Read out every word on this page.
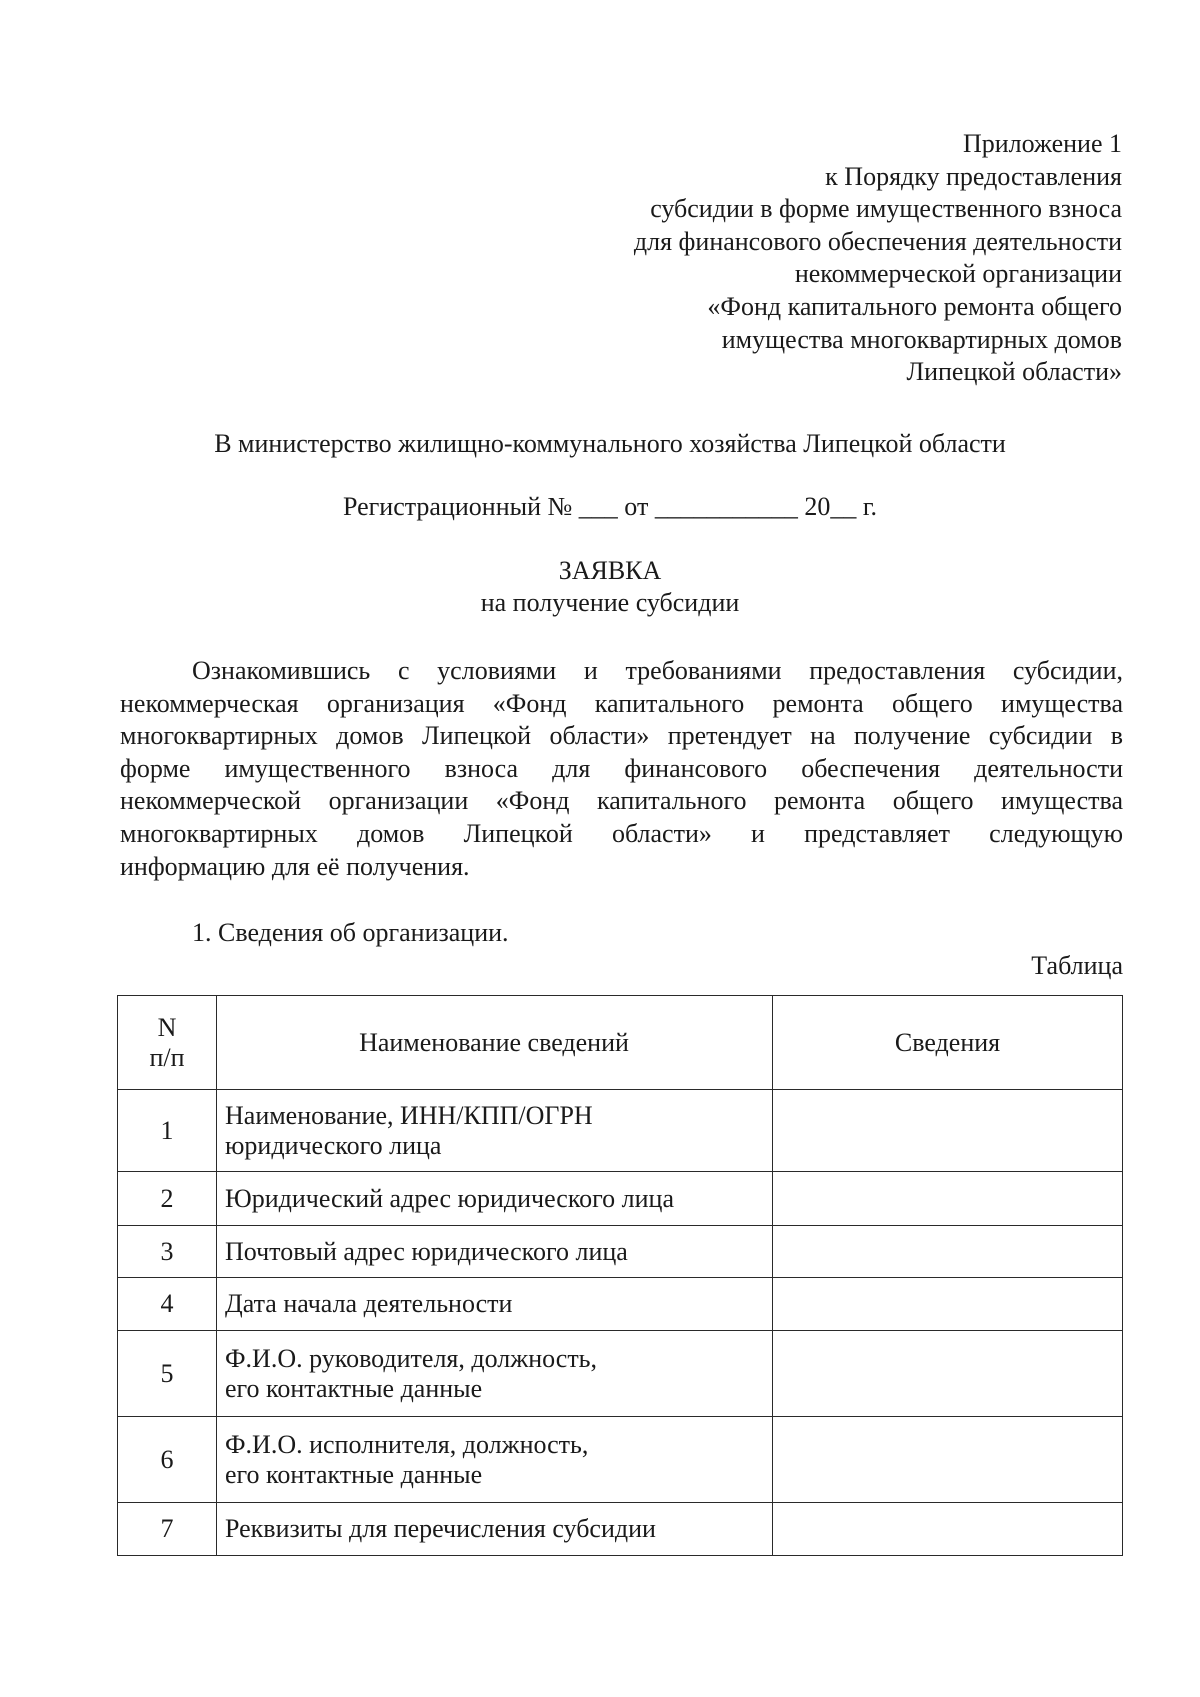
Приложение 1
к Порядку предоставления
субсидии в форме имущественного взноса
для финансового обеспечения деятельности
некоммерческой организации
«Фонд капитального ремонта общего
имущества многоквартирных домов
Липецкой области»
В министерство жилищно-коммунального хозяйства Липецкой области
Регистрационный № ___ от ___________ 20__ г.
ЗАЯВКА
на получение субсидии
Ознакомившись с условиями и требованиями предоставления субсидии,
некоммерческая организация «Фонд капитального ремонта общего имущества
многоквартирных домов Липецкой области» претендует на получение субсидии в
форме имущественного взноса для финансового обеспечения деятельности
некоммерческой организации «Фонд капитального ремонта общего имущества
многоквартирных домов Липецкой области» и представляет следующую
информацию для её получения.
1. Сведения об организации.
Таблица
N
п/п	Наименование сведений	Сведения
1	Наименование, ИНН/КПП/ОГРН
юридического лица	

2	Юридический адрес юридического лица	
3	Почтовый адрес юридического лица	
4	Дата начала деятельности	
5	Ф.И.О. руководителя, должность,
его контактные данные	

6	Ф.И.О. исполнителя, должность,
его контактные данные	

7	Реквизиты для перечисления субсидии	
